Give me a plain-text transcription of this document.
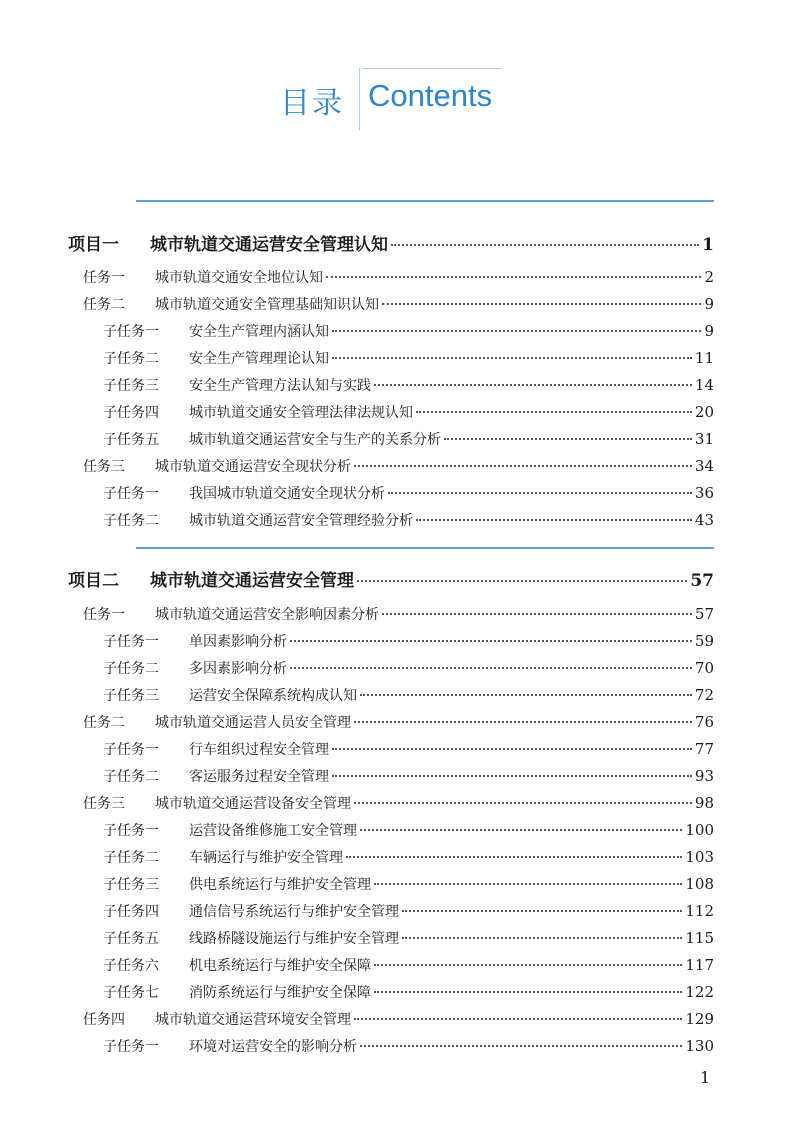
目录 Contents
项目一	城市轨道交通运营安全管理认知	1
任务一	城市轨道交通安全地位认知	2
任务二	城市轨道交通安全管理基础知识认知	9
子任务一	安全生产管理内涵认知	9
子任务二	安全生产管理理论认知	11
子任务三	安全生产管理方法认知与实践	14
子任务四	城市轨道交通安全管理法律法规认知	20
子任务五	城市轨道交通运营安全与生产的关系分析	31
任务三	城市轨道交通运营安全现状分析	34
子任务一	我国城市轨道交通安全现状分析	36
子任务二	城市轨道交通运营安全管理经验分析	43
项目二	城市轨道交通运营安全管理	57
任务一	城市轨道交通运营安全影响因素分析	57
子任务一	单因素影响分析	59
子任务二	多因素影响分析	70
子任务三	运营安全保障系统构成认知	72
任务二	城市轨道交通运营人员安全管理	76
子任务一	行车组织过程安全管理	77
子任务二	客运服务过程安全管理	93
任务三	城市轨道交通运营设备安全管理	98
子任务一	运营设备维修施工安全管理	100
子任务二	车辆运行与维护安全管理	103
子任务三	供电系统运行与维护安全管理	108
子任务四	通信信号系统运行与维护安全管理	112
子任务五	线路桥隧设施运行与维护安全管理	115
子任务六	机电系统运行与维护安全保障	117
子任务七	消防系统运行与维护安全保障	122
任务四	城市轨道交通运营环境安全管理	129
子任务一	环境对运营安全的影响分析	130
1
